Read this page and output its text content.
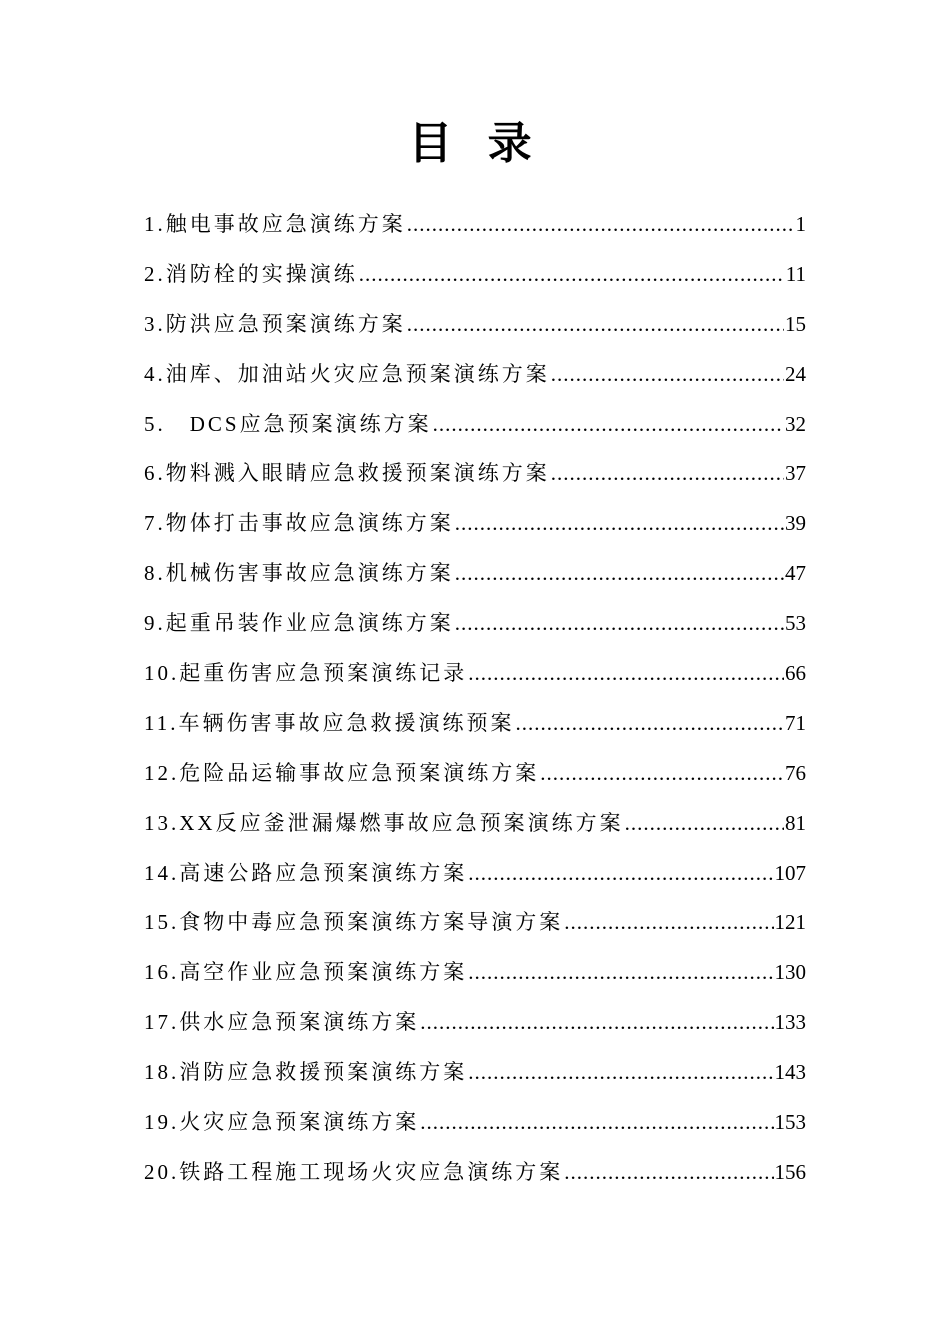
目 录
1.触电事故应急演练方案 .....	1
2.消防栓的实操演练 .....	11
3.防洪应急预案演练方案 .....	15
4.油库、加油站火灾应急预案演练方案 .....	24
5.　DCS应急预案演练方案 .....	32
6.物料溅入眼睛应急救援预案演练方案 .....	37
7.物体打击事故应急演练方案 .....	39
8.机械伤害事故应急演练方案 .....	47
9.起重吊装作业应急演练方案 .....	53
10.起重伤害应急预案演练记录 .....	66
11.车辆伤害事故应急救援演练预案 .....	71
12.危险品运输事故应急预案演练方案 .....	76
13.XX反应釜泄漏爆燃事故应急预案演练方案 .....	81
14.高速公路应急预案演练方案 .....	107
15.食物中毒应急预案演练方案导演方案 .....	121
16.高空作业应急预案演练方案 .....	130
17.供水应急预案演练方案 .....	133
18.消防应急救援预案演练方案 .....	143
19.火灾应急预案演练方案 .....	153
20.铁路工程施工现场火灾应急演练方案 .....	156
